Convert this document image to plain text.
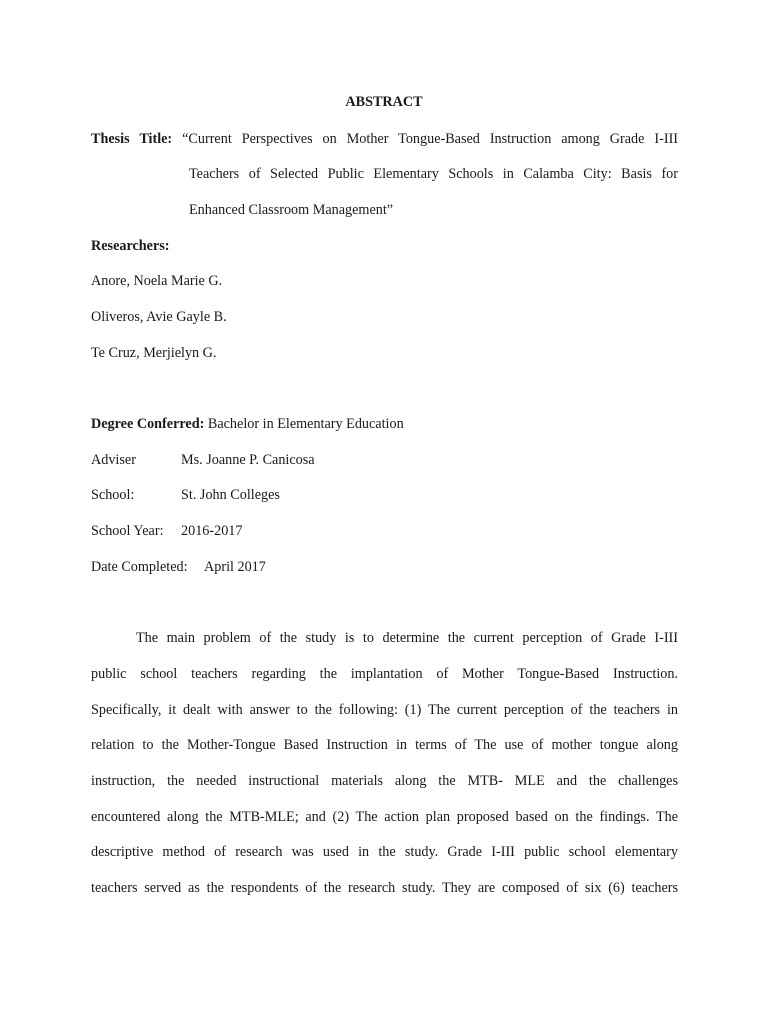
ABSTRACT
Thesis Title: “Current Perspectives on Mother Tongue-Based Instruction among Grade I-III
Teachers of Selected Public Elementary Schools in Calamba City: Basis for
Enhanced Classroom Management”
Researchers:
Anore, Noela Marie G.
Oliveros, Avie Gayle B.
Te Cruz, Merjielyn G.
Degree Conferred: Bachelor in Elementary Education
Adviser	Ms. Joanne P. Canicosa
School:	St. John Colleges
School Year: 2016-2017
Date Completed: April 2017
The main problem of the study is to determine the current perception of Grade I-III
public school teachers regarding the implantation of Mother Tongue-Based Instruction.
Specifically, it dealt with answer to the following: (1) The current perception of the teachers in
relation to the Mother-Tongue Based Instruction in terms of The use of mother tongue along
instruction, the needed instructional materials along the MTB- MLE and the challenges
encountered along the MTB-MLE; and (2) The action plan proposed based on the findings. The
descriptive method of research was used in the study. Grade I-III public school elementary
teachers served as the respondents of the research study. They are composed of six (6) teachers
